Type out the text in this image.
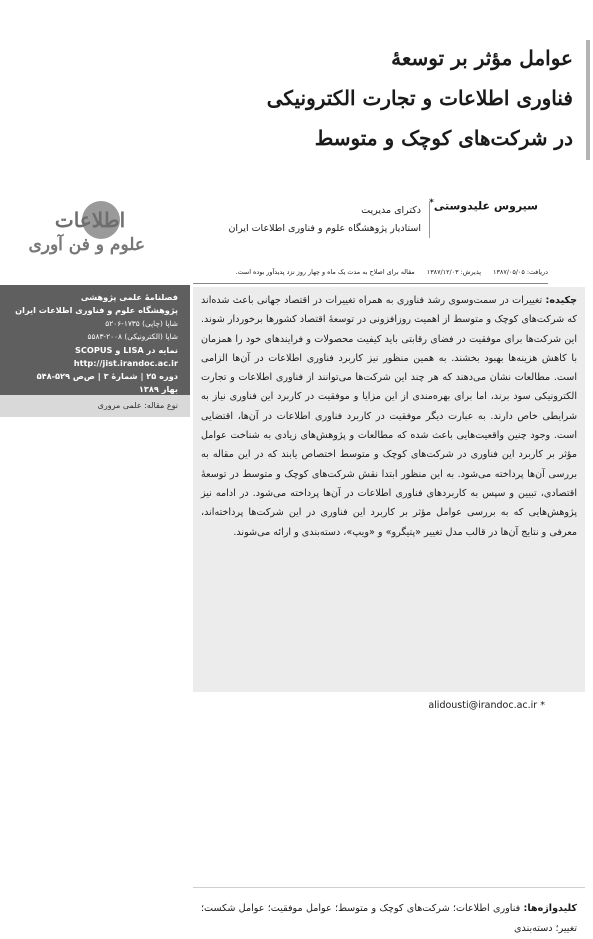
عوامل مؤثر بر توسعۀ
فناوری اطلاعات و تجارت الکترونیکی
در شرکت‌های کوچک و متوسط
سیروس علیدوستی*
دکترای مدیریت
استادیار پژوهشگاه علوم و فناوری اطلاعات ایران
اطلاعات
علوم و فن آوری
دریافت: ۱۳۸۷/۰۵/۰۵ پذیرش: ۱۳۸۷/۱۲/۰۳ مقاله برای اصلاح به مدت یک ماه و چهار روز نزد پدیدآور بوده است.
فصلنامۀ علمی پژوهشی
پژوهشگاه علوم و فناوری اطلاعات ایران
شاپا (چاپی) ۱۷۳۵-۵۲۰۶
شاپا (الکترونیکی) ۲۰۰۸-۵۵۸۳
نمایه در LISA و SCOPUS
http://jist.irandoc.ac.ir
دوره ۲۵ | شمارۀ ۳ | ص‌ص ۵۲۹-۵۴۸
بهار ۱۳۸۹
نوع مقاله: علمی مروری
چکیده: تغییرات در سمت‌وسوی رشد فناوری به همراه تغییرات در اقتصاد جهانی باعث شده‌اند که شرکت‌های کوچک و متوسط از اهمیت روزافزونی در توسعۀ اقتصاد کشورها برخوردار شوند. این شرکت‌ها برای موفقیت در فضای رقابتی باید کیفیت محصولات و فرایندهای خود را همزمان با کاهش هزینه‌ها بهبود بخشند. به همین منظور نیز کاربرد فناوری اطلاعات در آن‌ها الزامی است. مطالعات نشان می‌دهند که هر چند این شرکت‌ها می‌توانند از فناوری اطلاعات و تجارت الکترونیکی سود برند، اما برای بهره‌مندی از این مزایا و موفقیت در کاربرد این فناوری نیاز به شرایطی خاص دارند. به عبارت دیگر موفقیت در کاربرد فناوری اطلاعات در آن‌ها، اقتضایی است. وجود چنین واقعیت‌هایی باعث شده که مطالعات و پژوهش‌های زیادی به شناخت عوامل مؤثر بر کاربرد این فناوری در شرکت‌های کوچک و متوسط اختصاص یابند که در این مقاله به بررسی آن‌ها پرداخته می‌شود. به این منظور ابتدا نقش شرکت‌های کوچک و متوسط در توسعۀ اقتصادی، تبیین و سپس به کاربردهای فناوری اطلاعات در آن‌ها پرداخته می‌شود. در ادامه نیز پژوهش‌هایی که به بررسی عوامل مؤثر بر کاربرد این فناوری در این شرکت‌ها پرداخته‌اند، معرفی و نتایج آن‌ها در قالب مدل تغییر «پتیگرو» و «ویپ»، دسته‌بندی و ارائه می‌شوند.
کلیدواژه‌ها: فناوری اطلاعات؛ شرکت‌های کوچک و متوسط؛ عوامل موفقیت؛ عوامل شکست؛ تغییر؛ دسته‌بندی
alidousti@irandoc.ac.ir *
